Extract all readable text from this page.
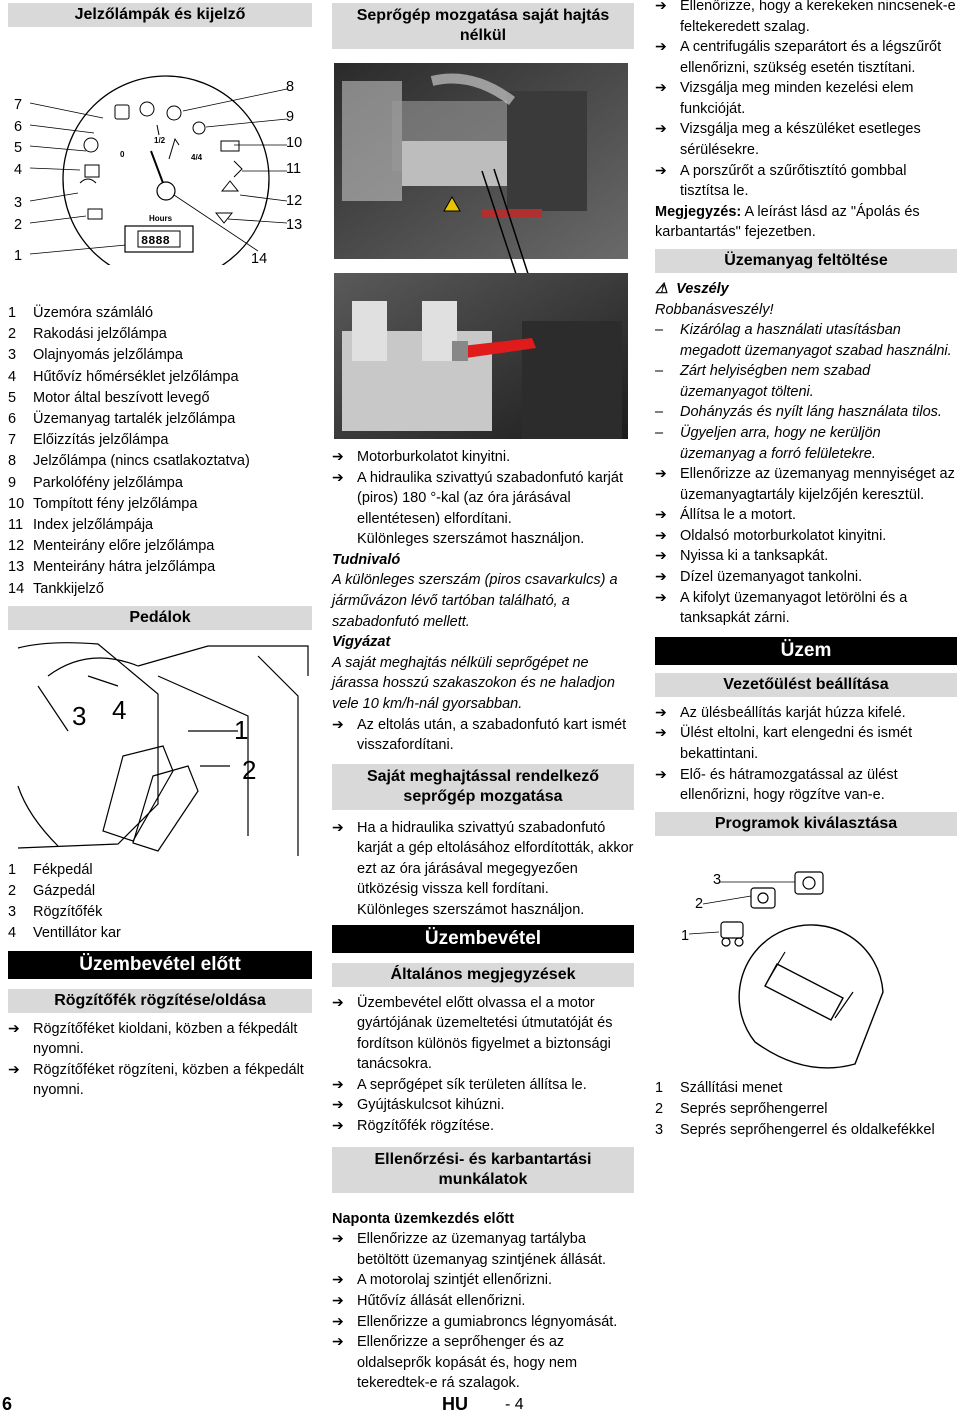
Jelzőlámpák és kijelző
7
6
5
4
3
2
1
8
9
10
11
12
13
14
0
1/2
4/4
Hours
8888
1	Üzemóra számláló
2	Rakodási jelzőlámpa
3	Olajnyomás jelzőlámpa
4	Hűtővíz hőmérséklet jelzőlámpa
5	Motor által beszívott levegő
6	Üzemanyag tartalék jelzőlámpa
7	Előizzítás jelzőlámpa
8	Jelzőlámpa (nincs csatlakoztatva)
9	Parkolófény jelzőlámpa
10 Tompított fény jelzőlámpa
11 Index jelzőlámpája
12 Menteirány előre jelzőlámpa
13 Menteirány hátra jelzőlámpa
14 Tankkijelző
Pedálok
3 4
1
2
1	Fékpedál
2	Gázpedál
3	Rögzítőfék
4	Ventillátor kar
Üzembevétel előtt
Rögzítőfék rögzítése/oldása
➔ Rögzítőféket kioldani, közben a fékpedált nyomni.
➔ Rögzítőféket rögzíteni, közben a fékpedált nyomni.
Seprőgép mozgatása saját hajtás nélkül
➔ Motorburkolatot kinyitni.
➔ A hidraulika szivattyú szabadonfutó karját (piros) 180 °-kal (az óra járásával ellentétesen) elfordítani.
Különleges szerszámot használjon.
Tudnivaló
A különleges szerszám (piros csavarkulcs) a járművázon lévő tartóban található, a szabadonfutó mellett.
Vigyázat
A saját meghajtás nélküli seprőgépet ne járassa hosszú szakaszokon és ne haladjon vele 10 km/h-nál gyorsabban.
➔ Az eltolás után, a szabadonfutó kart ismét visszafordítani.
Saját meghajtással rendelkező seprőgép mozgatása
➔ Ha a hidraulika szivattyú szabadonfutó karját a gép eltolásához elfordították, akkor ezt az óra járásával megegyezően ütközésig vissza kell fordítani.
Különleges szerszámot használjon.
Üzembevétel
Általános megjegyzések
➔ Üzembevétel előtt olvassa el a motor gyártójának üzemeltetési útmutatóját és fordítson különös figyelmet a biztonsági tanácsokra.
➔ A seprőgépet sík területen állítsa le.
➔ Gyújtáskulcsot kihúzni.
➔ Rögzítőfék rögzítése.
Ellenőrzési- és karbantartási munkálatok
Naponta üzemkezdés előtt
➔ Ellenőrizze az üzemanyag tartályba betöltött üzemanyag szintjének állását.
➔ A motorolaj szintjét ellenőrizni.
➔ Hűtővíz állását ellenőrizni.
➔ Ellenőrizze a gumiabroncs légnyomását.
➔ Ellenőrizze a seprőhenger és az oldalseprők kopását és, hogy nem tekeredtek-e rá szalagok.
➔ Ellenőrizze, hogy a kerekeken nincsenek-e feltekeredett szalag.
➔ A centrifugális szeparátort és a légszűrőt ellenőrizni, szükség esetén tisztítani.
➔ Vizsgálja meg minden kezelési elem funkcióját.
➔ Vizsgálja meg a készüléket esetleges sérülésekre.
➔ A porszűrőt a szűrőtisztító gombbal tisztítsa le.
Megjegyzés: A leírást lásd az "Ápolás és karbantartás" fejezetben.
Üzemanyag feltöltése
⚠ Veszély
Robbanásveszély!
–	Kizárólag a használati utasításban megadott üzemanyagot szabad használni.
–	Zárt helyiségben nem szabad üzemanyagot tölteni.
–	Dohányzás és nyílt láng használata tilos.
–	Ügyeljen arra, hogy ne kerüljön üzemanyag a forró felületekre.
➔ Ellenőrizze az üzemanyag mennyiséget az üzemanyagtartály kijelzőjén keresztül.
➔ Állítsa le a motort.
➔ Oldalsó motorburkolatot kinyitni.
➔ Nyissa ki a tanksapkát.
➔ Dízel üzemanyagot tankolni.
➔ A kifolyt üzemanyagot letörölni és a tanksapkát zárni.
Üzem
Vezetőülést beállítása
➔ Az ülésbeállítás karját húzza kifelé.
➔ Ülést eltolni, kart elengedni és ismét bekattintani.
➔ Elő- és hátramozgatással az ülést ellenőrizni, hogy rögzítve van-e.
Programok kiválasztása
3
2
1
1	Szállítási menet
2	Seprés seprőhengerrel
3	Seprés seprőhengerrel és oldalkefékkel
6	HU - 4
